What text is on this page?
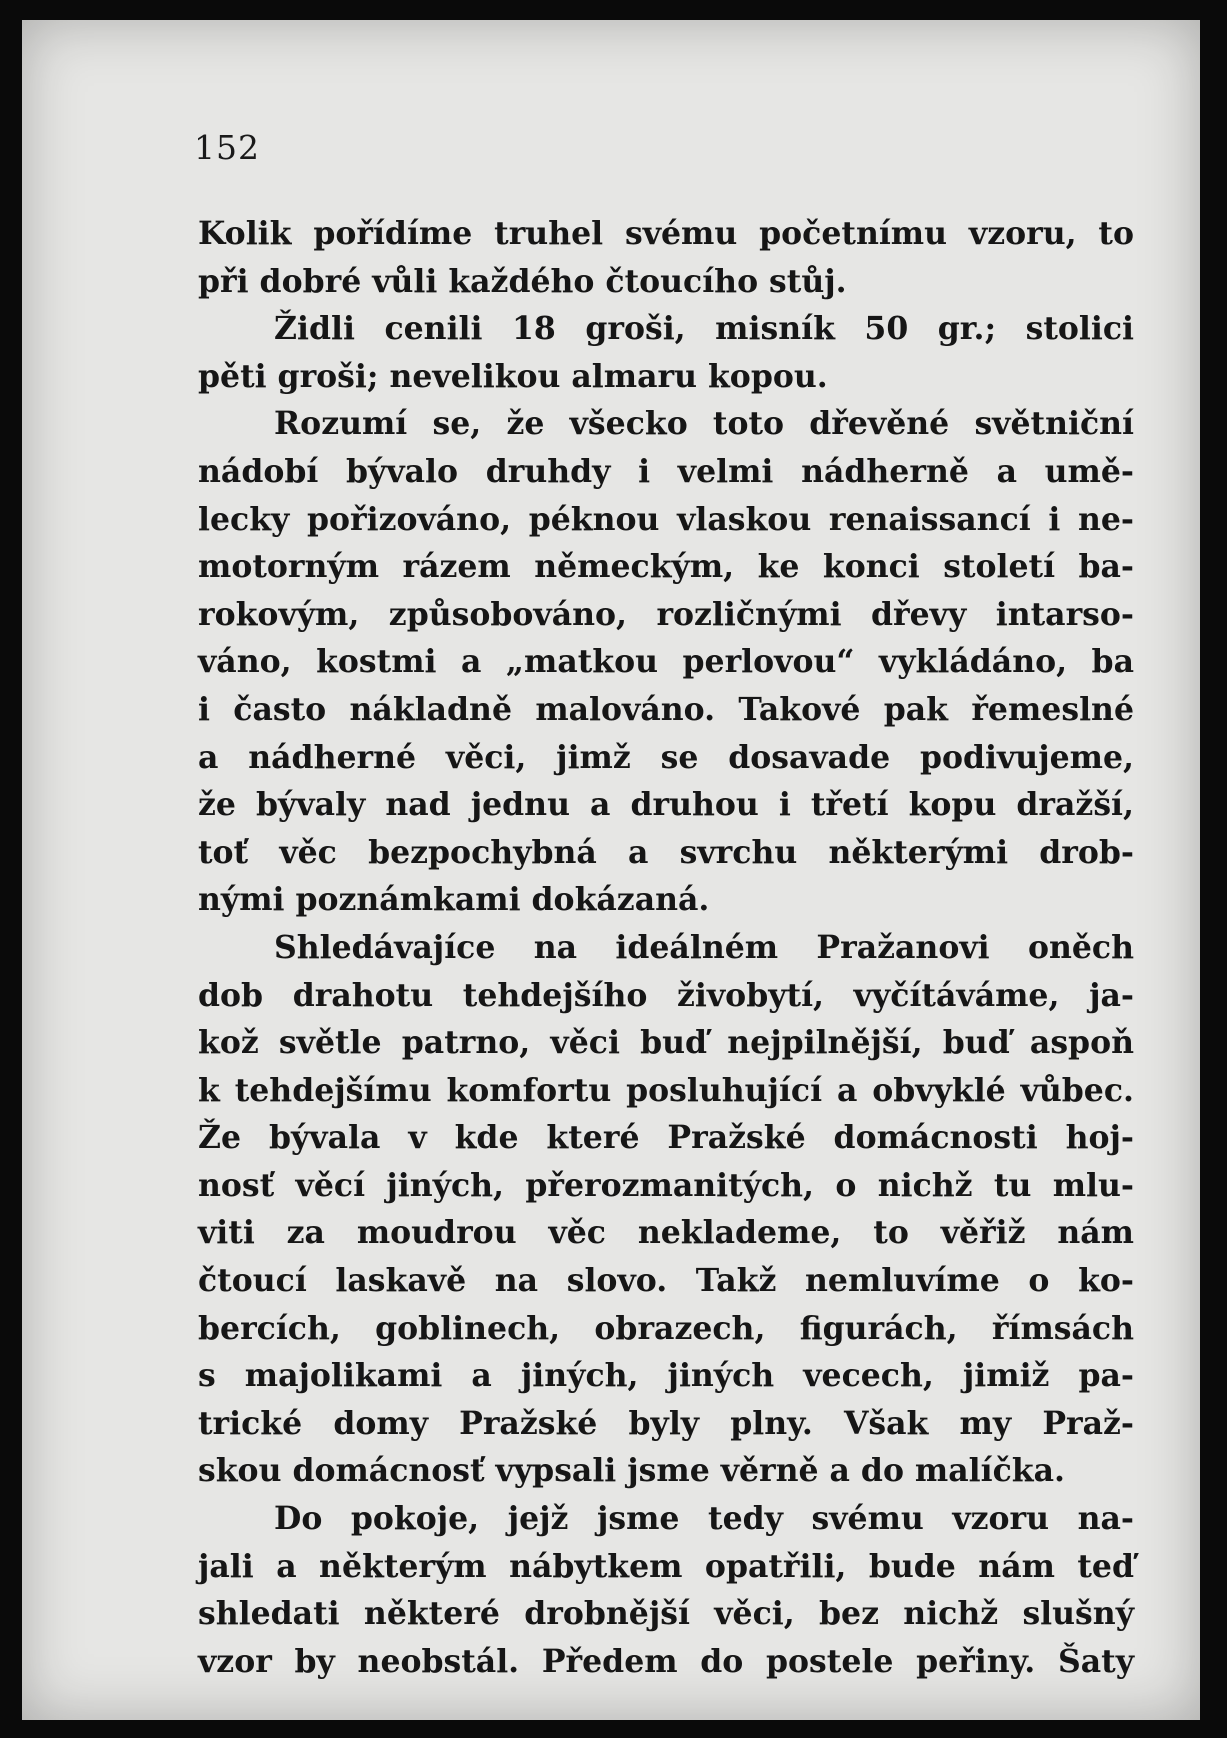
152
Kolik pořídíme truhel svému početnímu vzoru, to
při dobré vůli každého čtoucího stůj.
Židli cenili 18 groši, misník 50 gr.; stolici
pěti groši; nevelikou almaru kopou.
Rozumí se, že všecko toto dřevěné světniční
nádobí bývalo druhdy i velmi nádherně a umě-
lecky pořizováno, péknou vlaskou renaissancí i ne-
motorným rázem německým, ke konci století ba-
rokovým, způsobováno, rozličnými dřevy intarso-
váno, kostmi a „matkou perlovou“ vykládáno, ba
i často nákladně malováno. Takové pak řemeslné
a nádherné věci, jimž se dosavade podivujeme,
že bývaly nad jednu a druhou i třetí kopu dražší,
toť věc bezpochybná a svrchu některými drob-
nými poznámkami dokázaná.
Shledávajíce na ideálném Pražanovi oněch
dob drahotu tehdejšího živobytí, vyčítáváme, ja-
kož světle patrno, věci buď nejpilnější, buď aspoň
k tehdejšímu komfortu posluhující a obvyklé vůbec.
Že bývala v kde které Pražské domácnosti hoj-
nosť věcí jiných, přerozmanitých, o nichž tu mlu-
viti za moudrou věc neklademe, to věřiž nám
čtoucí laskavě na slovo. Takž nemluvíme o ko-
bercích, goblinech, obrazech, figurách, římsách
s majolikami a jiných, jiných vecech, jimiž pa-
trické domy Pražské byly plny. Však my Praž-
skou domácnosť vypsali jsme věrně a do malíčka.
Do pokoje, jejž jsme tedy svému vzoru na-
jali a některým nábytkem opatřili, bude nám teď
shledati některé drobnější věci, bez nichž slušný
vzor by neobstál. Předem do postele peřiny. Šaty
